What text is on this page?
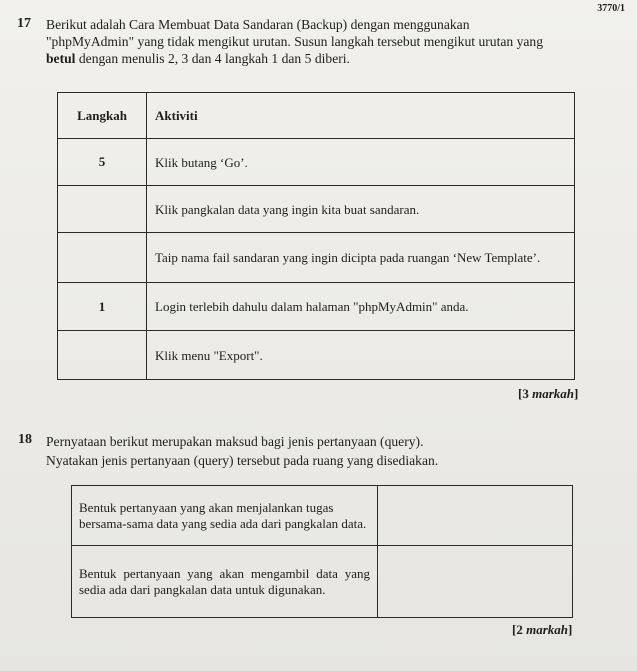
3770/1
17 Berikut adalah Cara Membuat Data Sandaran (Backup) dengan menggunakan
"phpMyAdmin" yang tidak mengikut urutan. Susun langkah tersebut mengikut urutan yang
betul dengan menulis 2, 3 dan 4 langkah 1 dan 5 diberi.
Langkah	Aktiviti
5	Klik butang ‘Go’.
	Klik pangkalan data yang ingin kita buat sandaran.
	Taip nama fail sandaran yang ingin dicipta pada ruangan ‘New Template’.
1	Login terlebih dahulu dalam halaman "phpMyAdmin" anda.
	Klik menu "Export".
[3 markah]
18 Pernyataan berikut merupakan maksud bagi jenis pertanyaan (query).
Nyatakan jenis pertanyaan (query) tersebut pada ruang yang disediakan.
Bentuk pertanyaan yang akan menjalankan tugas bersama-sama data yang sedia ada dari pangkalan data.	
Bentuk pertanyaan yang akan mengambil data yang sedia ada dari pangkalan data untuk digunakan.	
[2 markah]
